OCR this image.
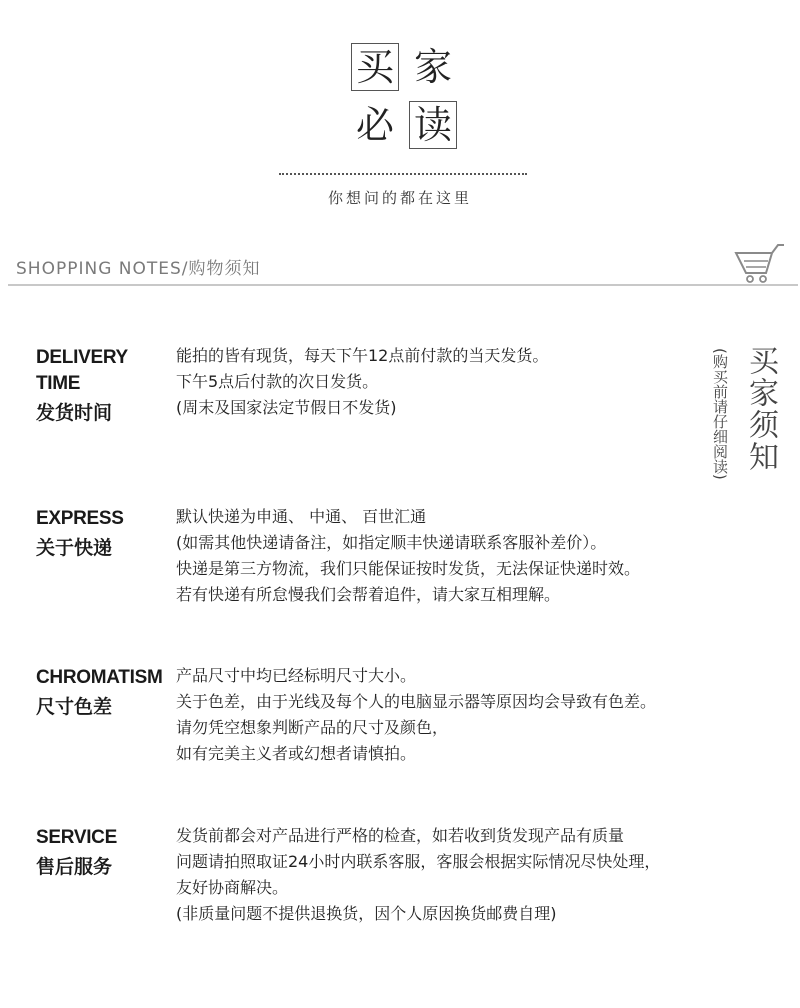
买 家
必 读
你想问的都在这里
SHOPPING NOTES/购物须知
买家须知
(购买前请仔细阅读)
DELIVERY
TIME
发货时间
能拍的皆有现货，每天下午12点前付款的当天发货。
下午5点后付款的次日发货。
(周末及国家法定节假日不发货)
EXPRESS
关于快递
默认快递为申通、 中通、 百世汇通
(如需其他快递请备注，如指定顺丰快递请联系客服补差价）。
快递是第三方物流，我们只能保证按时发货，无法保证快递时效。
若有快递有所怠慢我们会帮着追件，请大家互相理解。
CHROMATISM
尺寸色差
产品尺寸中均已经标明尺寸大小。
关于色差，由于光线及每个人的电脑显示器等原因均会导致有色差。
请勿凭空想象判断产品的尺寸及颜色，
如有完美主义者或幻想者请慎拍。
SERVICE
售后服务
发货前都会对产品进行严格的检查，如若收到货发现产品有质量
问题请拍照取证24小时内联系客服，客服会根据实际情况尽快处理，
友好协商解决。
(非质量问题不提供退换货，因个人原因换货邮费自理)
